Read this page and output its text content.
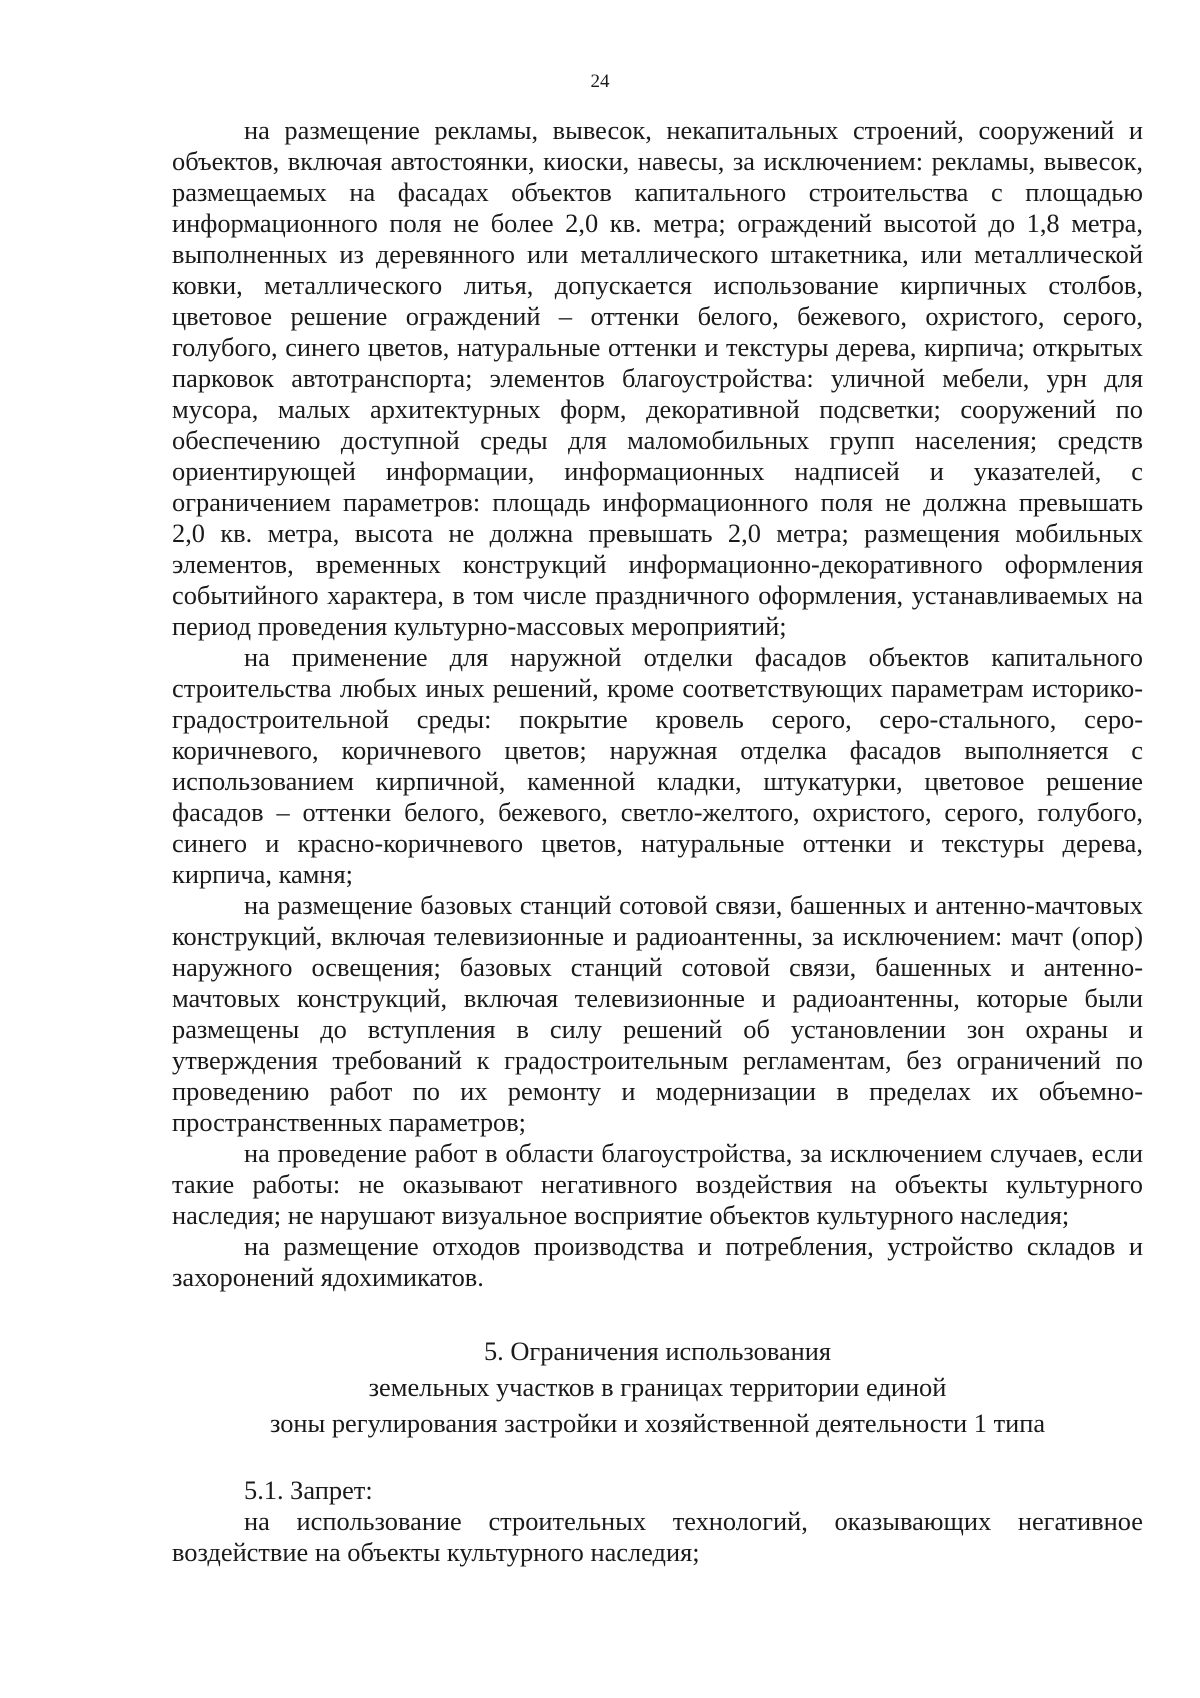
24

на размещение рекламы, вывесок, некапитальных строений, сооружений и объектов, включая автостоянки, киоски, навесы, за исключением: рекламы, вывесок, размещаемых на фасадах объектов капитального строительства с площадью информационного поля не более 2,0 кв. метра; ограждений высотой до 1,8 метра, выполненных из деревянного или металлического штакетника, или металлической ковки, металлического литья, допускается использование кирпичных столбов, цветовое решение ограждений – оттенки белого, бежевого, охристого, серого, голубого, синего цветов, натуральные оттенки и текстуры дерева, кирпича; открытых парковок автотранспорта; элементов благоустройства: уличной мебели, урн для мусора, малых архитектурных форм, декоративной подсветки; сооружений по обеспечению доступной среды для маломобильных групп населения; средств ориентирующей информации, информационных надписей и указателей, с ограничением параметров: площадь информационного поля не должна превышать 2,0 кв. метра, высота не должна превышать 2,0 метра; размещения мобильных элементов, временных конструкций информационно-декоративного оформления событийного характера, в том числе праздничного оформления, устанавливаемых на период проведения культурно-массовых мероприятий;

на применение для наружной отделки фасадов объектов капитального строительства любых иных решений, кроме соответствующих параметрам историко-градостроительной среды: покрытие кровель серого, серо-стального, серо-коричневого, коричневого цветов; наружная отделка фасадов выполняется с использованием кирпичной, каменной кладки, штукатурки, цветовое решение фасадов – оттенки белого, бежевого, светло-желтого, охристого, серого, голубого, синего и красно-коричневого цветов, натуральные оттенки и текстуры дерева, кирпича, камня;

на размещение базовых станций сотовой связи, башенных и антенно-мачтовых конструкций, включая телевизионные и радиоантенны, за исключением: мачт (опор) наружного освещения; базовых станций сотовой связи, башенных и антенно-мачтовых конструкций, включая телевизионные и радиоантенны, которые были размещены до вступления в силу решений об установлении зон охраны и утверждения требований к градостроительным регламентам, без ограничений по проведению работ по их ремонту и модернизации в пределах их объемно-пространственных параметров;

на проведение работ в области благоустройства, за исключением случаев, если такие работы: не оказывают негативного воздействия на объекты культурного наследия; не нарушают визуальное восприятие объектов культурного наследия;

на размещение отходов производства и потребления, устройство складов и захоронений ядохимикатов.

5. Ограничения использования
земельных участков в границах территории единой
зоны регулирования застройки и хозяйственной деятельности 1 типа

5.1. Запрет:

на использование строительных технологий, оказывающих негативное воздействие на объекты культурного наследия;
